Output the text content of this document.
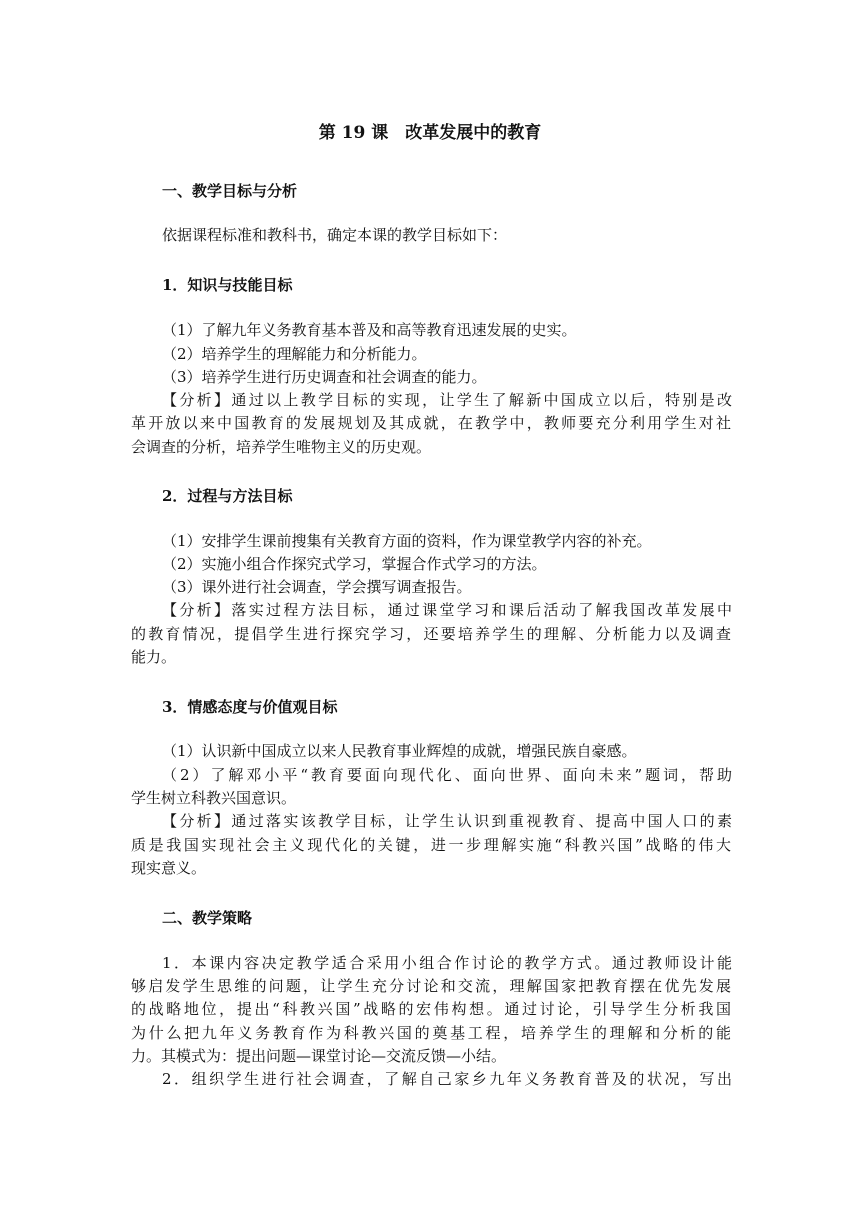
第 19 课　改革发展中的教育
一、教学目标与分析
依据课程标准和教科书，确定本课的教学目标如下：
1．知识与技能目标
（1）了解九年义务教育基本普及和高等教育迅速发展的史实。
（2）培养学生的理解能力和分析能力。
（3）培养学生进行历史调查和社会调查的能力。
【分析】通过以上教学目标的实现，让学生了解新中国成立以后，特别是改
革开放以来中国教育的发展规划及其成就，在教学中，教师要充分利用学生对社
会调查的分析，培养学生唯物主义的历史观。
2．过程与方法目标
（1）安排学生课前搜集有关教育方面的资料，作为课堂教学内容的补充。
（2）实施小组合作探究式学习，掌握合作式学习的方法。
（3）课外进行社会调查，学会撰写调查报告。
【分析】落实过程方法目标，通过课堂学习和课后活动了解我国改革发展中
的教育情况，提倡学生进行探究学习，还要培养学生的理解、分析能力以及调查
能力。
3．情感态度与价值观目标
（1）认识新中国成立以来人民教育事业辉煌的成就，增强民族自豪感。
（2）了解邓小平“教育要面向现代化、面向世界、面向未来”题词，帮助
学生树立科教兴国意识。
【分析】通过落实该教学目标，让学生认识到重视教育、提高中国人口的素
质是我国实现社会主义现代化的关键，进一步理解实施“科教兴国”战略的伟大
现实意义。
二、教学策略
1．本课内容决定教学适合采用小组合作讨论的教学方式。通过教师设计能
够启发学生思维的问题，让学生充分讨论和交流，理解国家把教育摆在优先发展
的战略地位，提出“科教兴国”战略的宏伟构想。通过讨论，引导学生分析我国
为什么把九年义务教育作为科教兴国的奠基工程，培养学生的理解和分析的能
力。其模式为：提出问题—课堂讨论—交流反馈—小结。
2．组织学生进行社会调查，了解自己家乡九年义务教育普及的状况，写出
